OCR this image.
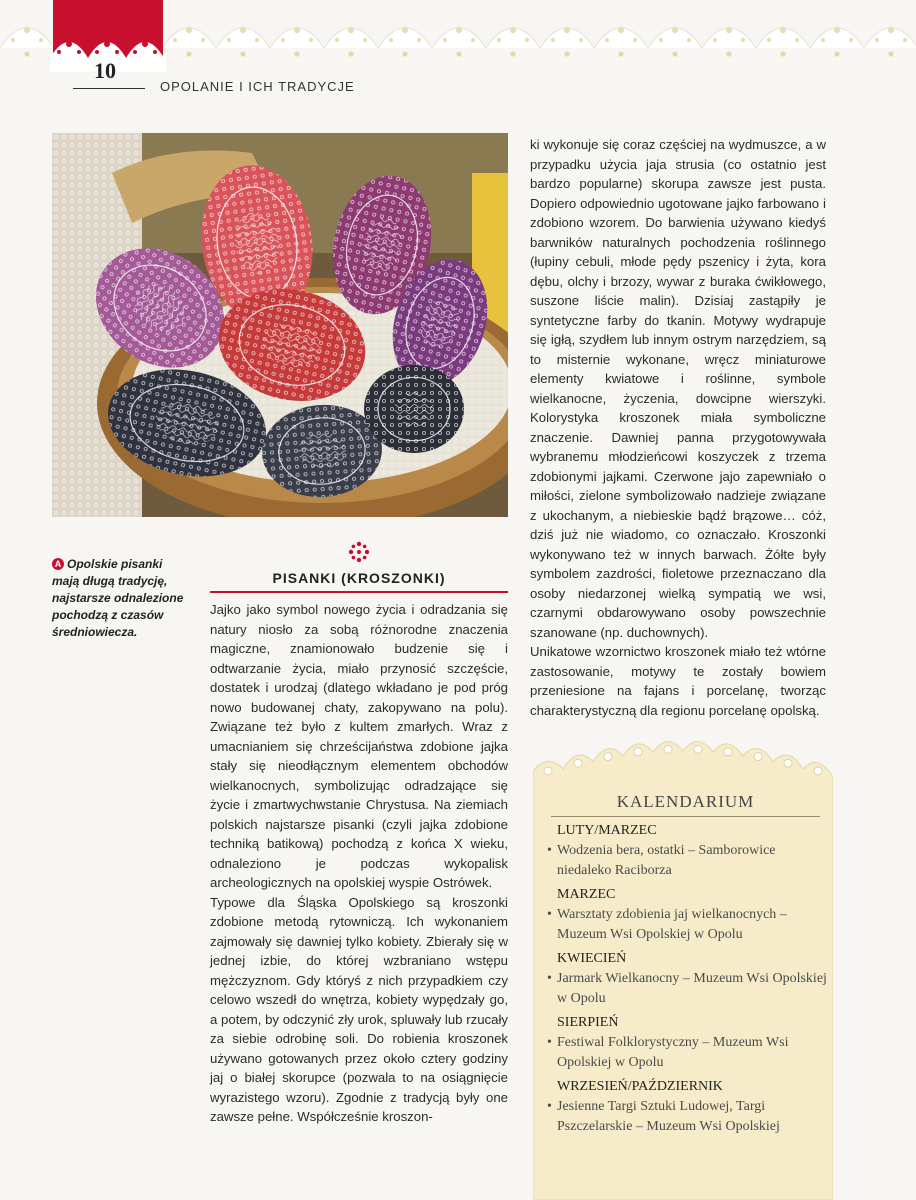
10
OPOLANIE I ICH TRADYCJE
A Opolskie pisanki mają długą tradycję, najstarsze odnalezione pochodzą z czasów średniowiecza.
PISANKI (KROSZONKI)

Jajko jako symbol nowego życia i odradzania się natury niosło za sobą różnorodne znaczenia magiczne, znamionowało budzenie się i odtwarzanie życia, miało przynosić szczęście, dostatek i urodzaj (dlatego wkładano je pod próg nowo budowanej chaty, zakopywano na polu). Związane też było z kultem zmarłych. Wraz z umacnianiem się chrześcijaństwa zdobione jajka stały się nieodłącznym elementem obchodów wielkanocnych, symbolizując odradzające się życie i zmartwychwstanie Chrystusa. Na ziemiach polskich najstarsze pisanki (czyli jajka zdobione techniką batikową) pochodzą z końca X wieku, odnaleziono je podczas wykopalisk archeologicznych na opolskiej wyspie Ostrówek.

Typowe dla Śląska Opolskiego są kroszonki zdobione metodą rytowniczą. Ich wykonaniem zajmowały się dawniej tylko kobiety. Zbierały się w jednej izbie, do której wzbraniano wstępu mężczyznom. Gdy któryś z nich przypadkiem czy celowo wszedł do wnętrza, kobiety wypędzały go, a potem, by odczynić zły urok, spluwały lub rzucały za siebie odrobinę soli. Do robienia kroszonek używano gotowanych przez około cztery godziny jaj o białej skorupce (pozwala to na osiągnięcie wyrazistego wzoru). Zgodnie z tradycją były one zawsze pełne. Współcześnie kroszon-

ki wykonuje się coraz częściej na wydmuszce, a w przypadku użycia jaja strusia (co ostatnio jest bardzo popularne) skorupa zawsze jest pusta. Dopiero odpowiednio ugotowane jajko farbowano i zdobiono wzorem. Do barwienia używano kiedyś barwników naturalnych pochodzenia roślinnego (łupiny cebuli, młode pędy pszenicy i żyta, kora dębu, olchy i brzozy, wywar z buraka ćwikłowego, suszone liście malin). Dzisiaj zastąpiły je syntetyczne farby do tkanin. Motywy wydrapuje się igłą, szydłem lub innym ostrym narzędziem, są to misternie wykonane, wręcz miniaturowe elementy kwiatowe i roślinne, symbole wielkanocne, życzenia, dowcipne wierszyki. Kolorystyka kroszonek miała symboliczne znaczenie. Dawniej panna przygotowywała wybranemu młodzieńcowi koszyczek z trzema zdobionymi jajkami. Czerwone jajo zapewniało o miłości, zielone symbolizowało nadzieje związane z ukochanym, a niebieskie bądź brązowe… cóż, dziś już nie wiadomo, co oznaczało. Kroszonki wykonywano też w innych barwach. Żółte były symbolem zazdrości, fioletowe przeznaczano dla osoby niedarzonej wielką sympatią we wsi, czarnymi obdarowywano osoby powszechnie szanowane (np. duchownych).

Unikatowe wzornictwo kroszonek miało też wtórne zastosowanie, motywy te zostały bowiem przeniesione na fajans i porcelanę, tworząc charakterystyczną dla regionu porcelanę opolską.

KALENDARIUM
LUTY/MARZEC
• Wodzenia bera, ostatki – Samborowice niedaleko Raciborza
MARZEC
• Warsztaty zdobienia jaj wielkanocnych – Muzeum Wsi Opolskiej w Opolu
KWIECIEŃ
• Jarmark Wielkanocny – Muzeum Wsi Opolskiej w Opolu
SIERPIEŃ
• Festiwal Folklorystyczny – Muzeum Wsi Opolskiej w Opolu
WRZESIEŃ/PAŹDZIERNIK
• Jesienne Targi Sztuki Ludowej, Targi Pszczelarskie – Muzeum Wsi Opolskiej
